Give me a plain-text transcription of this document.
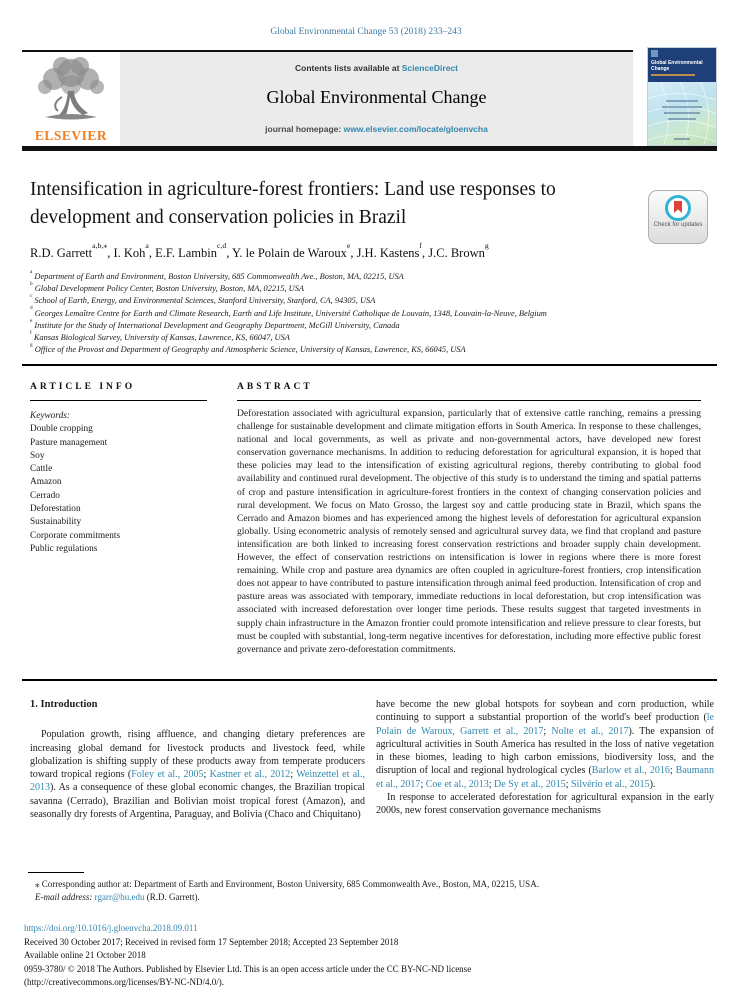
Global Environmental Change 53 (2018) 233–243
ELSEVIER
Contents lists available at ScienceDirect
Global Environmental Change
journal homepage: www.elsevier.com/locate/gloenvcha
Global Environmental Change
Intensification in agriculture-forest frontiers: Land use responses to development and conservation policies in Brazil	Check for updates
R.D. Garrett$^{a,b,⁎}$, I. Koh$^a$, E.F. Lambin$^{c,d}$, Y. le Polain de Waroux$^e$, J.H. Kastens$^f$, J.C. Brown$^g$
$^a$ Department of Earth and Environment, Boston University, 685 Commonwealth Ave., Boston, MA, 02215, USA
$^b$ Global Development Policy Center, Boston University, Boston, MA, 02215, USA
$^c$ School of Earth, Energy, and Environmental Sciences, Stanford University, Stanford, CA, 94305, USA
$^d$ Georges Lemaître Centre for Earth and Climate Research, Earth and Life Institute, Université Catholique de Louvain, 1348, Louvain-la-Neuve, Belgium
$^e$ Institute for the Study of International Development and Geography Department, McGill University, Canada
$^f$ Kansas Biological Survey, University of Kansas, Lawrence, KS, 66047, USA
$^g$ Office of the Provost and Department of Geography and Atmospheric Science, University of Kansas, Lawrence, KS, 66045, USA
ARTICLE INFO	ABSTRACT
Keywords:
Double cropping
Pasture management
Soy
Cattle
Amazon
Cerrado
Deforestation
Sustainability
Corporate commitments
Public regulations
Deforestation associated with agricultural expansion, particularly that of extensive cattle ranching, remains a pressing challenge for sustainable development and climate mitigation efforts in South America. In response to these challenges, national and local governments, as well as private and non-governmental actors, have developed new forest conservation governance mechanisms. In addition to reducing deforestation for agricultural expansion, it is hoped that these policies may lead to the intensification of existing agricultural regions, thereby contributing to global food availability and continued rural development. The objective of this study is to understand the timing and spatial patterns of crop and pasture intensification in agriculture-forest frontiers in the context of changing conservation policies and rural development. We focus on Mato Grosso, the largest soy and cattle producing state in Brazil, which spans the Cerrado and Amazon biomes and has experienced among the highest levels of deforestation for agricultural expansion globally. Using econometric analysis of remotely sensed and agricultural survey data, we find that cropland and pasture intensification are both linked to increasing forest conservation restrictions and broader supply chain development. However, the effect of conservation restrictions on intensification is lower in regions where there is more forest remaining. While crop and pasture area dynamics are often coupled in agriculture-forest frontiers, crop intensification does not appear to have contributed to pasture intensification through animal feed production. Intensification of crop and pasture areas was associated with temporary, immediate reductions in local deforestation, but crop intensification was associated with increased deforestation over longer time periods. These results suggest that targeted investments in supply chain infrastructure in the Amazon frontier could promote intensification and relieve pressure to clear forests, but must be coupled with substantial, long-term negative incentives for deforestation, including more effective public forest governance and private zero-deforestation commitments.
1. Introduction

Population growth, rising affluence, and changing dietary preferences are increasing global demand for livestock products and livestock feed, while globalization is shifting supply of these products away from temperate producers toward tropical regions (Foley et al., 2005; Kastner et al., 2012; Weinzettel et al., 2013). As a consequence of these global economic changes, the Brazilian tropical savanna (Cerrado), Brazilian and Bolivian moist tropical forest (Amazon), and seasonally dry forests of Argentina, Paraguay, and Bolivia (Chaco and Chiquitano)

have become the new global hotspots for soybean and corn production, while continuing to support a substantial proportion of the world's beef production (le Polain de Waroux, Garrett et al., 2017; Nolte et al., 2017). The expansion of agricultural activities in South America has resulted in the loss of native vegetation in these biomes, leading to high carbon emissions, biodiversity loss, and the disruption of local and regional hydrological cycles (Barlow et al., 2016; Baumann et al., 2017; Coe et al., 2013; De Sy et al., 2015; Silvério et al., 2015).

In response to accelerated deforestation for agricultural expansion in the early 2000s, new forest conservation governance mechanisms

⁎ Corresponding author at: Department of Earth and Environment, Boston University, 685 Commonwealth Ave., Boston, MA, 02215, USA.
E-mail address: rgarr@bu.edu (R.D. Garrett).
https://doi.org/10.1016/j.gloenvcha.2018.09.011
Received 30 October 2017; Received in revised form 17 September 2018; Accepted 23 September 2018
Available online 21 October 2018
0959-3780/ © 2018 The Authors. Published by Elsevier Ltd. This is an open access article under the CC BY-NC-ND license
(http://creativecommons.org/licenses/BY-NC-ND/4.0/).
